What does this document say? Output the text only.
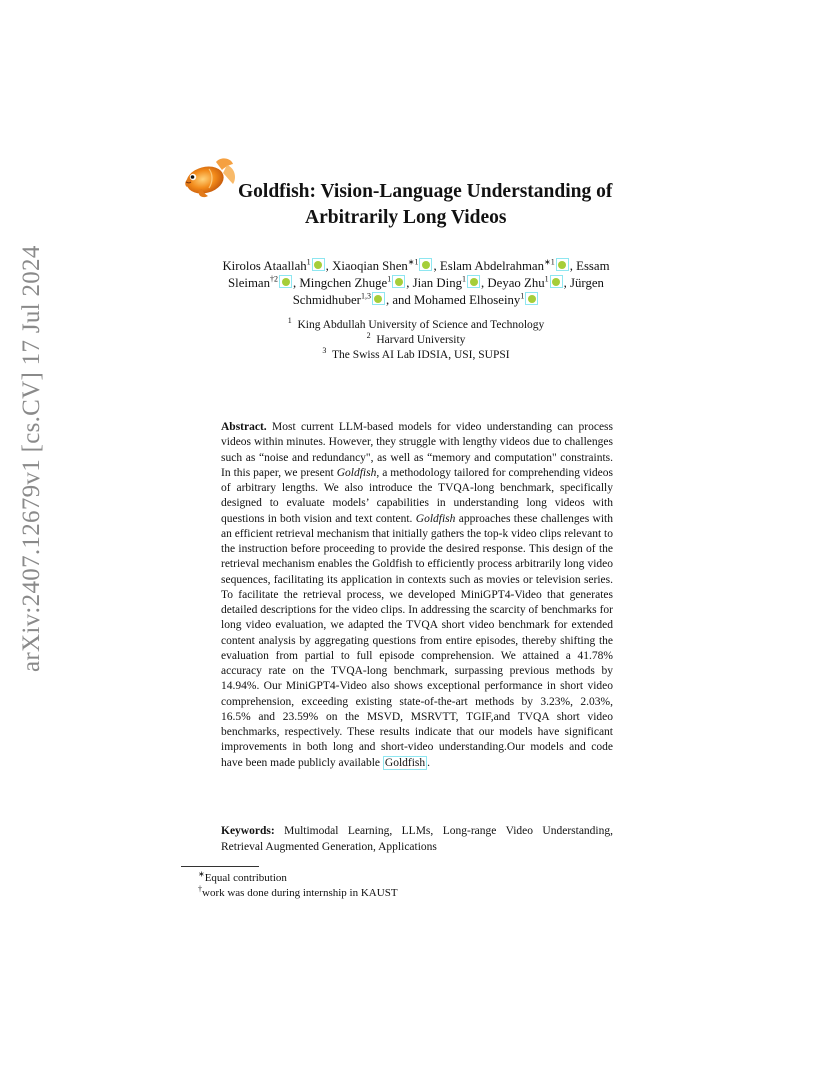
arXiv:2407.12679v1 [cs.CV] 17 Jul 2024
Goldfish: Vision-Language Understanding of
Arbitrarily Long Videos
Kirolos Ataallah$^1$ , Xiaoqian Shen$^{∗1}$ , Eslam Abdelrahman$^{∗1}$ , Essam Sleiman$^{\dagger 2}$ , Mingchen Zhuge$^1$ , Jian Ding$^1$ , Deyao Zhu$^1$ , Jürgen Schmidhuber$^{1,3}$ , and Mohamed Elhoseiny$^1$
$^1$ King Abdullah University of Science and Technology
$^2$ Harvard University
$^3$ The Swiss AI Lab IDSIA, USI, SUPSI
Abstract. Most current LLM-based models for video understanding can process videos within minutes. However, they struggle with lengthy videos due to challenges such as “noise and redundancy", as well as “memory and computation" constraints. In this paper, we present Goldfish, a methodology tailored for comprehending videos of arbitrary lengths. We also introduce the TVQA-long benchmark, specifically designed to evaluate models’ capabilities in understanding long videos with questions in both vision and text content. Goldfish approaches these challenges with an efficient retrieval mechanism that initially gathers the top-k video clips relevant to the instruction before proceeding to provide the desired response. This design of the retrieval mechanism enables the Goldfish to efficiently process arbitrarily long video sequences, facilitating its application in contexts such as movies or television series. To facilitate the retrieval process, we developed MiniGPT4-Video that generates detailed descriptions for the video clips. In addressing the scarcity of benchmarks for long video evaluation, we adapted the TVQA short video benchmark for extended content analysis by aggregating questions from entire episodes, thereby shifting the evaluation from partial to full episode comprehension. We attained a 41.78% accuracy rate on the TVQA-long benchmark, surpassing previous methods by 14.94%. Our MiniGPT4-Video also shows exceptional performance in short video comprehension, exceeding existing state-of-the-art methods by 3.23%, 2.03%, 16.5% and 23.59% on the MSVD, MSRVTT, TGIF,and TVQA short video benchmarks, respectively. These results indicate that our models have significant improvements in both long and short-video understanding.Our models and code have been made publicly available Goldfish .
Keywords: Multimodal Learning, LLMs, Long-range Video Understanding, Retrieval Augmented Generation, Applications
∗Equal contribution
†work was done during internship in KAUST
